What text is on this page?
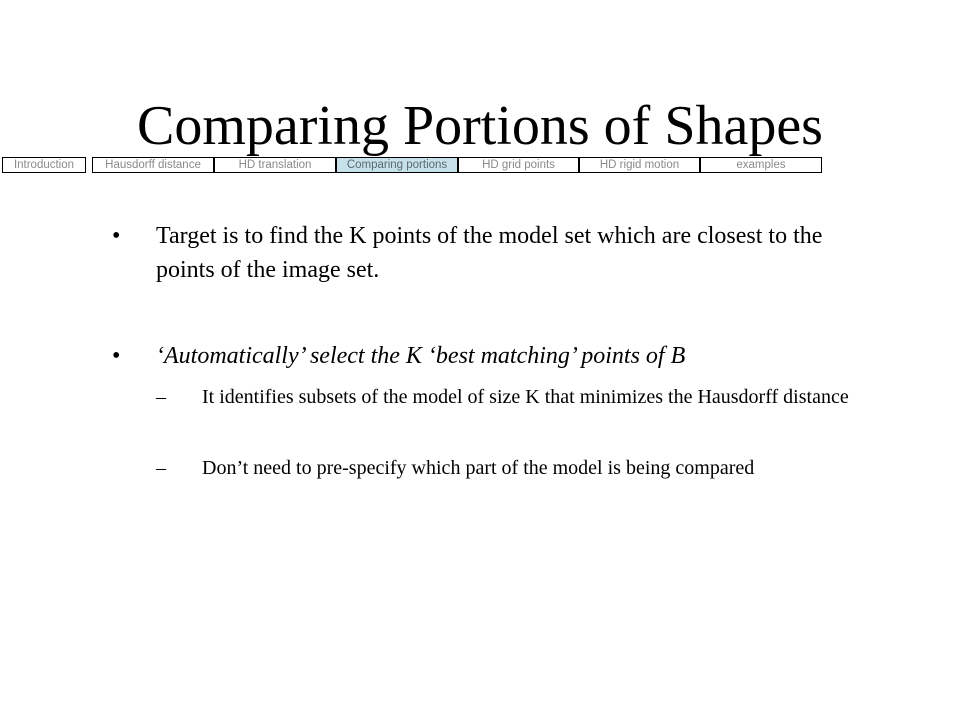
Comparing Portions of Shapes
Introduction	Hausdorff distance	HD translation	Comparing portions	HD grid points	HD rigid motion	examples
• Target is to find the K points of the model set which are closest to the points of the image set.
• ‘Automatically’ select the K ‘best matching’ points of B
– It identifies subsets of the model of size K that minimizes the Hausdorff distance
– Don’t need to pre-specify which part of the model is being compared
